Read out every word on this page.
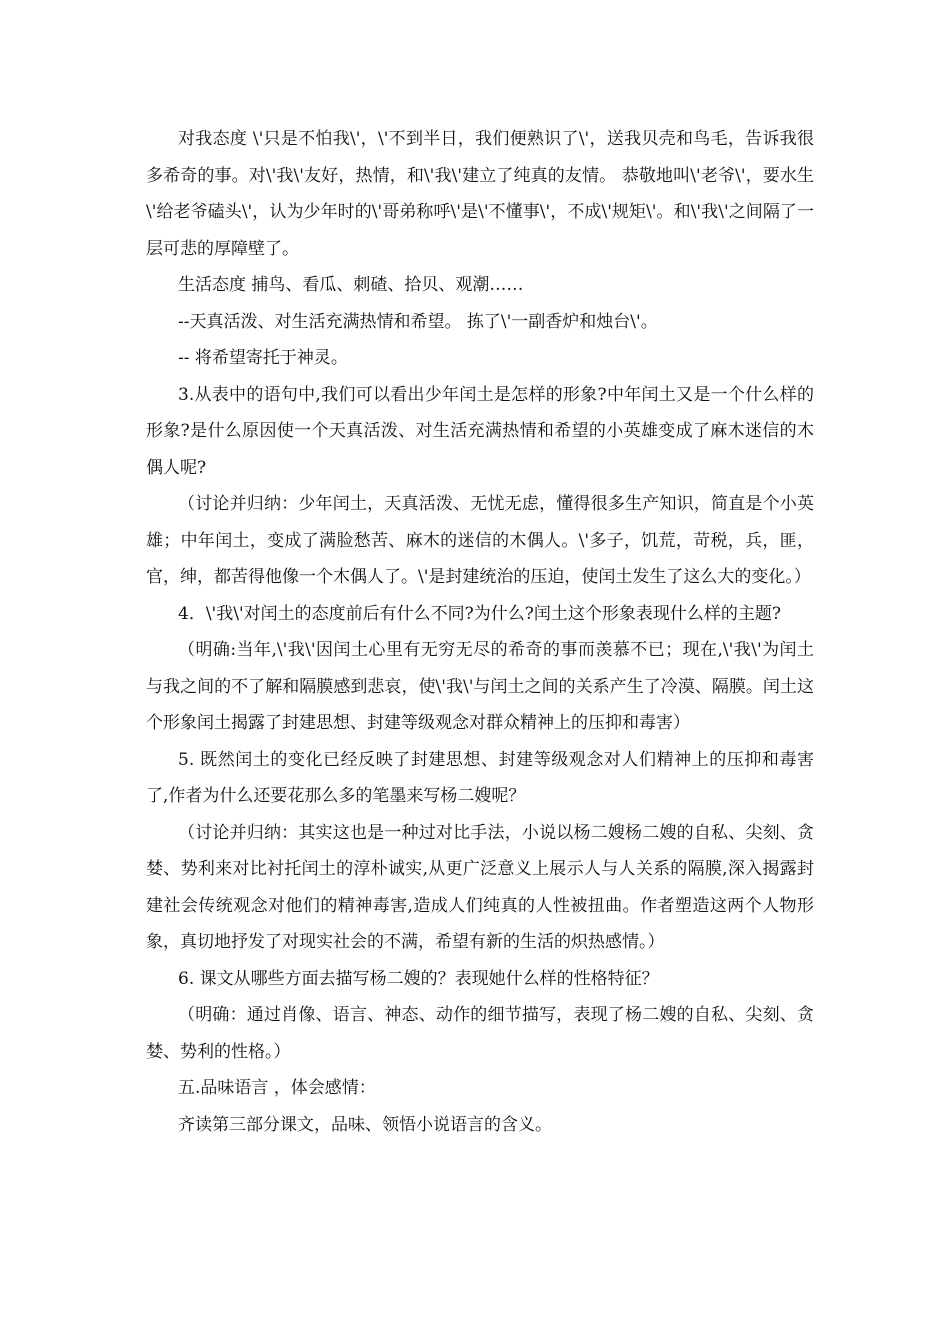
对我态度 \'只是不怕我\'，\'不到半日，我们便熟识了\'，送我贝壳和鸟毛，告诉我很多希奇的事。对\'我\'友好，热情，和\'我\'建立了纯真的友情。 恭敬地叫\'老爷\'，要水生\'给老爷磕头\'，认为少年时的\'哥弟称呼\'是\'不懂事\'，不成\'规矩\'。和\'我\'之间隔了一层可悲的厚障壁了。

生活态度 捕鸟、看瓜、刺碴、拾贝、观潮……

--天真活泼、对生活充满热情和希望。 拣了\'一副香炉和烛台\'。

-- 将希望寄托于神灵。

3.从表中的语句中,我们可以看出少年闰土是怎样的形象?中年闰土又是一个什么样的形象?是什么原因使一个天真活泼、对生活充满热情和希望的小英雄变成了麻木迷信的木偶人呢?

（讨论并归纳：少年闰土，天真活泼、无忧无虑，懂得很多生产知识，简直是个小英雄；中年闰土，变成了满脸愁苦、麻木的迷信的木偶人。\'多子，饥荒，苛税，兵，匪，官，绅，都苦得他像一个木偶人了。\'是封建统治的压迫，使闰土发生了这么大的变化。）

4．\'我\'对闰土的态度前后有什么不同?为什么?闰土这个形象表现什么样的主题?

（明确:当年,\'我\'因闰土心里有无穷无尽的希奇的事而羡慕不已；现在,\'我\'为闰土与我之间的不了解和隔膜感到悲哀，使\'我\'与闰土之间的关系产生了冷漠、隔膜。闰土这个形象闰土揭露了封建思想、封建等级观念对群众精神上的压抑和毒害）

5. 既然闰土的变化已经反映了封建思想、封建等级观念对人们精神上的压抑和毒害了,作者为什么还要花那么多的笔墨来写杨二嫂呢？

（讨论并归纳：其实这也是一种过对比手法，小说以杨二嫂杨二嫂的自私、尖刻、贪婪、势利来对比衬托闰土的淳朴诚实,从更广泛意义上展示人与人关系的隔膜,深入揭露封建社会传统观念对他们的精神毒害,造成人们纯真的人性被扭曲。作者塑造这两个人物形象，真切地抒发了对现实社会的不满，希望有新的生活的炽热感情。）

6. 课文从哪些方面去描写杨二嫂的？表现她什么样的性格特征？

（明确：通过肖像、语言、神态、动作的细节描写，表现了杨二嫂的自私、尖刻、贪婪、势利的性格。）

五.品味语言 ，体会感情：

齐读第三部分课文，品味、领悟小说语言的含义。
